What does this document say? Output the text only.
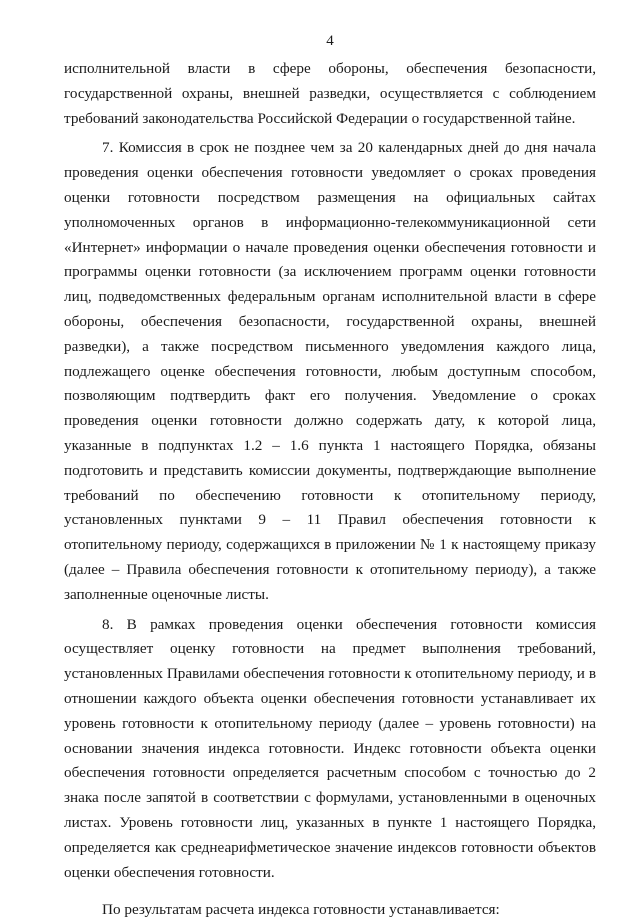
4

исполнительной власти в сфере обороны, обеспечения безопасности, государственной охраны, внешней разведки, осуществляется с соблюдением требований законодательства Российской Федерации о государственной тайне.

7. Комиссия в срок не позднее чем за 20 календарных дней до дня начала проведения оценки обеспечения готовности уведомляет о сроках проведения оценки готовности посредством размещения на официальных сайтах уполномоченных органов в информационно-телекоммуникационной сети «Интернет» информации о начале проведения оценки обеспечения готовности и программы оценки готовности (за исключением программ оценки готовности лиц, подведомственных федеральным органам исполнительной власти в сфере обороны, обеспечения безопасности, государственной охраны, внешней разведки), а также посредством письменного уведомления каждого лица, подлежащего оценке обеспечения готовности, любым доступным способом, позволяющим подтвердить факт его получения. Уведомление о сроках проведения оценки готовности должно содержать дату, к которой лица, указанные в подпунктах 1.2 – 1.6 пункта 1 настоящего Порядка, обязаны подготовить и представить комиссии документы, подтверждающие выполнение требований по обеспечению готовности к отопительному периоду, установленных пунктами 9 – 11 Правил обеспечения готовности к отопительному периоду, содержащихся в приложении № 1 к настоящему приказу (далее – Правила обеспечения готовности к отопительному периоду), а также заполненные оценочные листы.

8. В рамках проведения оценки обеспечения готовности комиссия осуществляет оценку готовности на предмет выполнения требований, установленных Правилами обеспечения готовности к отопительному периоду, и в отношении каждого объекта оценки обеспечения готовности устанавливает их уровень готовности к отопительному периоду (далее – уровень готовности) на основании значения индекса готовности. Индекс готовности объекта оценки обеспечения готовности определяется расчетным способом с точностью до 2 знака после запятой в соответствии с формулами, установленными в оценочных листах. Уровень готовности лиц, указанных в пункте 1 настоящего Порядка, определяется как среднеарифметическое значение индексов готовности объектов оценки обеспечения готовности.

По результатам расчета индекса готовности устанавливается:
